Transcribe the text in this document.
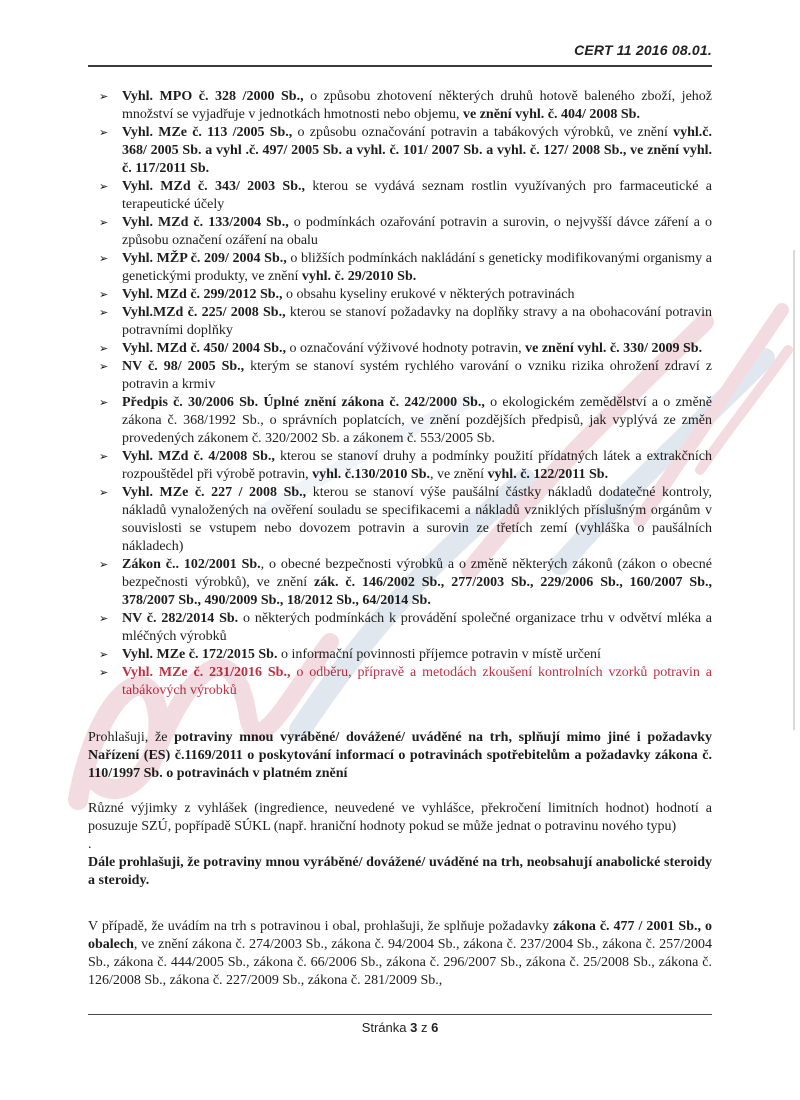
CERT 11 2016 08.01.
➢ Vyhl. MPO č. 328 /2000 Sb., o způsobu zhotovení některých druhů hotově baleného zboží, jehož množství se vyjadřuje v jednotkách hmotnosti nebo objemu, ve znění vyhl. č. 404/ 2008 Sb.
➢ Vyhl. MZe č. 113 /2005 Sb., o způsobu označování potravin a tabákových výrobků, ve znění vyhl.č. 368/ 2005 Sb. a vyhl .č. 497/ 2005 Sb. a vyhl. č. 101/ 2007 Sb. a vyhl. č. 127/ 2008 Sb., ve znění vyhl. č. 117/2011 Sb.
➢ Vyhl. MZd č. 343/ 2003 Sb., kterou se vydává seznam rostlin využívaných pro farmaceutické a terapeutické účely
➢ Vyhl. MZd č. 133/2004 Sb., o podmínkách ozařování potravin a surovin, o nejvyšší dávce záření a o způsobu označení ozáření na obalu
➢ Vyhl. MŽP č. 209/ 2004 Sb., o bližších podmínkách nakládání s geneticky modifikovanými organismy a genetickými produkty, ve znění vyhl. č. 29/2010 Sb.
➢ Vyhl. MZd č. 299/2012 Sb., o obsahu kyseliny erukové v některých potravinách
➢ Vyhl.MZd č. 225/ 2008 Sb., kterou se stanoví požadavky na doplňky stravy a na obohacování potravin potravními doplňky
➢ Vyhl. MZd č. 450/ 2004 Sb., o označování výživové hodnoty potravin, ve znění vyhl. č. 330/ 2009 Sb.
➢ NV č. 98/ 2005 Sb., kterým se stanoví systém rychlého varování o vzniku rizika ohrožení zdraví z potravin a krmiv
➢ Předpis č. 30/2006 Sb. Úplné znění zákona č. 242/2000 Sb., o ekologickém zemědělství a o změně zákona č. 368/1992 Sb., o správních poplatcích, ve znění pozdějších předpisů, jak vyplývá ze změn provedených zákonem č. 320/2002 Sb. a zákonem č. 553/2005 Sb.
➢ Vyhl. MZd č. 4/2008 Sb., kterou se stanoví druhy a podmínky použití přídatných látek a extrakčních rozpouštědel při výrobě potravin, vyhl. č.130/2010 Sb., ve znění vyhl. č. 122/2011 Sb.
➢ Vyhl. MZe č. 227 / 2008 Sb., kterou se stanoví výše paušální částky nákladů dodatečné kontroly, nákladů vynaložených na ověření souladu se specifikacemi a nákladů vzniklých příslušným orgánům v souvislosti se vstupem nebo dovozem potravin a surovin ze třetích zemí (vyhláška o paušálních nákladech)
➢ Zákon č.. 102/2001 Sb., o obecné bezpečnosti výrobků a o změně některých zákonů (zákon o obecné bezpečnosti výrobků), ve znění zák. č. 146/2002 Sb., 277/2003 Sb., 229/2006 Sb., 160/2007 Sb., 378/2007 Sb., 490/2009 Sb., 18/2012 Sb., 64/2014 Sb.
➢ NV č. 282/2014 Sb. o některých podmínkách k provádění společné organizace trhu v odvětví mléka a mléčných výrobků
➢ Vyhl. MZe č. 172/2015 Sb. o informační povinnosti příjemce potravin v místě určení
➢ Vyhl. MZe č. 231/2016 Sb., o odběru, přípravě a metodách zkoušení kontrolních vzorků potravin a tabákových výrobků

Prohlašuji, že potraviny mnou vyráběné/ dovážené/ uváděné na trh, splňují mimo jiné i požadavky Nařízení (ES) č.1169/2011 o poskytování informací o potravinách spotřebitelům a požadavky zákona č. 110/1997 Sb. o potravinách v platném znění

Různé výjimky z vyhlášek (ingredience, neuvedené ve vyhlášce, překročení limitních hodnot) hodnotí a posuzuje SZÚ, popřípadě SÚKL (např. hraniční hodnoty pokud se může jednat o potravinu nového typu)

.

Dále prohlašuji, že potraviny mnou vyráběné/ dovážené/ uváděné na trh, neobsahují anabolické steroidy a steroidy.

V případě, že uvádím na trh s potravinou i obal, prohlašuji, že splňuje požadavky zákona č. 477 / 2001 Sb., o obalech, ve znění zákona č. 274/2003 Sb., zákona č. 94/2004 Sb., zákona č. 237/2004 Sb., zákona č. 257/2004 Sb., zákona č. 444/2005 Sb., zákona č. 66/2006 Sb., zákona č. 296/2007 Sb., zákona č. 25/2008 Sb., zákona č. 126/2008 Sb., zákona č. 227/2009 Sb., zákona č. 281/2009 Sb.,

Stránka 3 z 6
